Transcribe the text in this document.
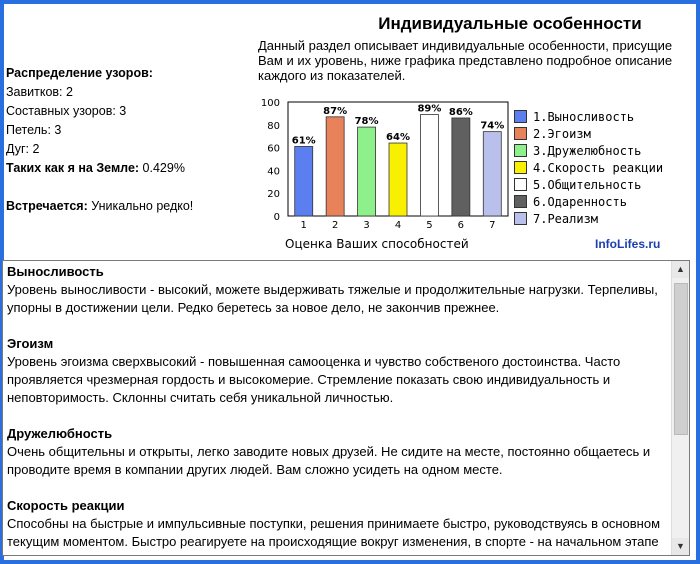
Индивидуальные особенности
Данный раздел описывает индивидуальные особенности, присущие Вам и их уровень, ниже графика представлено подробное описание каждого из показателей.
Распределение узоров:
Завитков: 2
Составных узоров: 3
Петель: 3
Дуг: 2
Таких как я на Земле: 0.429%
Встречается: Уникально редко!
0
20
40
60
80
100
61%
1
87%
2
78%
3
64%
4
89%
5
86%
6
74%
7
Оценка Ваших способностей	InfoLifes.ru
1.Выносливость
2.Эгоизм
3.Дружелюбность
4.Скорость реакции
5.Общительность
6.Одаренность
7.Реализм
Выносливость

Уровень выносливости - высокий, можете выдерживать тяжелые и продолжительные нагрузки. Терпеливы, упорны в достижении цели. Редко беретесь за новое дело, не закончив прежнее.

Эгоизм

Уровень эгоизма сверхвысокий - повышенная самооценка и чувство собственого достоинства. Часто проявляется чрезмерная гордость и высокомерие. Стремление показать свою индивидуальность и неповторимость. Склонны считать себя уникальной личностью.

Дружелюбность

Очень общительны и открыты, легко заводите новых друзей. Не сидите на месте, постоянно общаетесь и проводите время в компании других людей. Вам сложно усидеть на одном месте.

Скорость реакции

Способны на быстрые и импульсивные поступки, решения принимаете быстро, руководствуясь в основном текущим моментом. Быстро реагируете на происходящие вокруг изменения, в спорте - на начальном этапе

▲
▼
